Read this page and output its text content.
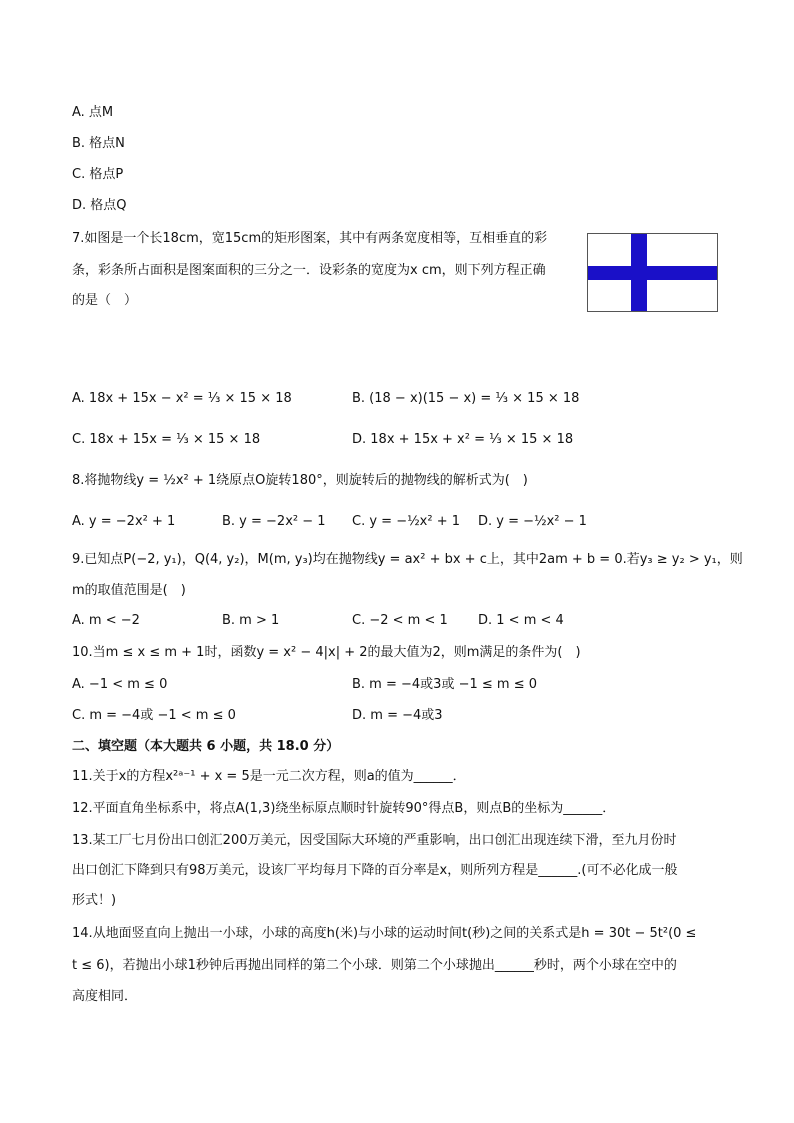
A. 点M
B. 格点N
C. 格点P
D. 格点Q
7.如图是一个长18cm，宽15cm的矩形图案，其中有两条宽度相等，互相垂直的彩
条，彩条所占面积是图案面积的三分之一．设彩条的宽度为x cm，则下列方程正确
的是（　）
A. 18x + 15x − x² = ⅓ × 15 × 18	B. (18 − x)(15 − x) = ⅓ × 15 × 18
C. 18x + 15x = ⅓ × 15 × 18	D. 18x + 15x + x² = ⅓ × 15 × 18
8.将抛物线y = ½x² + 1绕原点O旋转180°，则旋转后的抛物线的解析式为(　)
A. y = −2x² + 1	B. y = −2x² − 1 C. y = −½x² + 1 D. y = −½x² − 1
9.已知点P(−2, y₁)，Q(4, y₂)，M(m, y₃)均在抛物线y = ax² + bx + c上，其中2am + b = 0.若y₃ ≥ y₂ > y₁，则
m的取值范围是(　)
A. m < −2	B. m > 1	C. −2 < m < 1 D. 1 < m < 4
10.当m ≤ x ≤ m + 1时，函数y = x² − 4|x| + 2的最大值为2，则m满足的条件为(　)
A. −1 < m ≤ 0	B. m = −4或3或 −1 ≤ m ≤ 0
C. m = −4或 −1 < m ≤ 0	D. m = −4或3
二、填空题（本大题共 6 小题，共 18.0 分）
11.关于x的方程x²ᵃ⁻¹ + x = 5是一元二次方程，则a的值为______．
12.平面直角坐标系中，将点A(1,3)绕坐标原点顺时针旋转90°得点B，则点B的坐标为______．
13.某工厂七月份出口创汇200万美元，因受国际大环境的严重影响，出口创汇出现连续下滑，至九月份时
出口创汇下降到只有98万美元，设该厂平均每月下降的百分率是x，则所列方程是______.(可不必化成一般
形式！)
14.从地面竖直向上抛出一小球，小球的高度h(米)与小球的运动时间t(秒)之间的关系式是h = 30t − 5t²(0 ≤
t ≤ 6)，若抛出小球1秒钟后再抛出同样的第二个小球．则第二个小球抛出______秒时，两个小球在空中的
高度相同．
